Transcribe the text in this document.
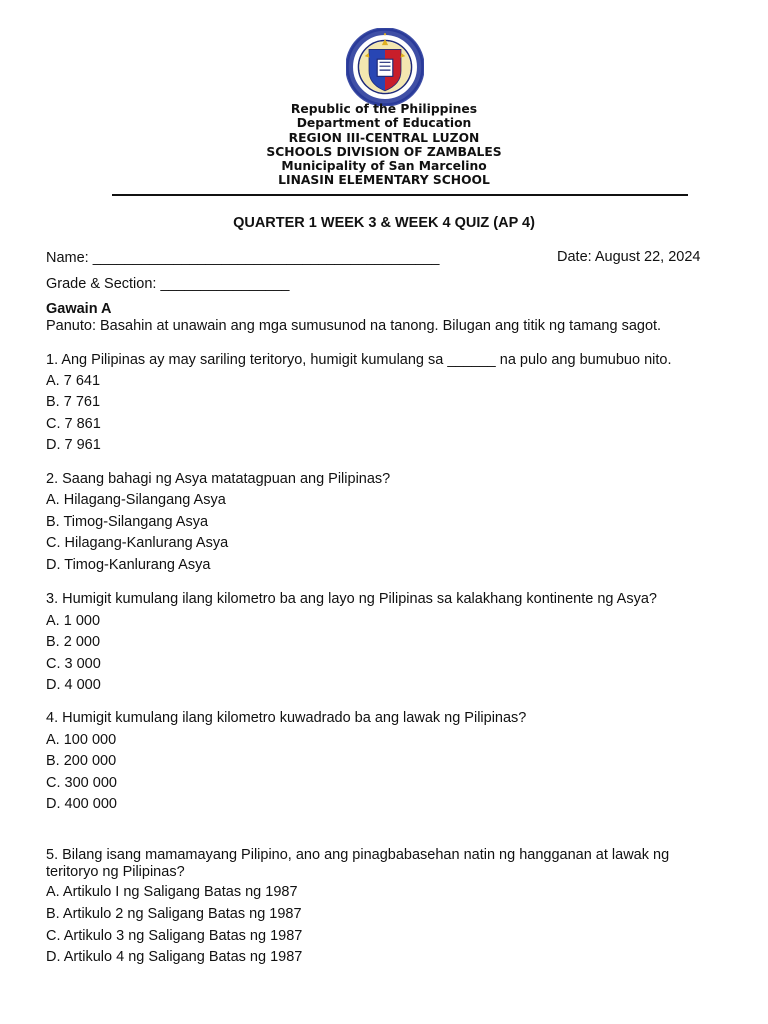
Republic of the Philippines
Department of Education
REGION III-CENTRAL LUZON
SCHOOLS DIVISION OF ZAMBALES
Municipality of San Marcelino
LINASIN ELEMENTARY SCHOOL
QUARTER 1 WEEK 3 & WEEK 4 QUIZ (AP 4)
Name: ___________________________________________	Date: August 22, 2024
Grade & Section: ________________
Gawain A
Panuto: Basahin at unawain ang mga sumusunod na tanong. Bilugan ang titik ng tamang sagot.
1. Ang Pilipinas ay may sariling teritoryo, humigit kumulang sa ______ na pulo ang bumubuo nito.
A. 7 641
B. 7 761
C. 7 861
D. 7 961
2. Saang bahagi ng Asya matatagpuan ang Pilipinas?
A. Hilagang-Silangang Asya
B. Timog-Silangang Asya
C. Hilagang-Kanlurang Asya
D. Timog-Kanlurang Asya
3. Humigit kumulang ilang kilometro ba ang layo ng Pilipinas sa kalakhang kontinente ng Asya?
A. 1 000
B. 2 000
C. 3 000
D. 4 000
4. Humigit kumulang ilang kilometro kuwadrado ba ang lawak ng Pilipinas?
A. 100 000
B. 200 000
C. 300 000
D. 400 000
5. Bilang isang mamamayang Pilipino, ano ang pinagbabasehan natin ng hangganan at lawak ng
teritoryo ng Pilipinas?
A. Artikulo I ng Saligang Batas ng 1987
B. Artikulo 2 ng Saligang Batas ng 1987
C. Artikulo 3 ng Saligang Batas ng 1987
D. Artikulo 4 ng Saligang Batas ng 1987
